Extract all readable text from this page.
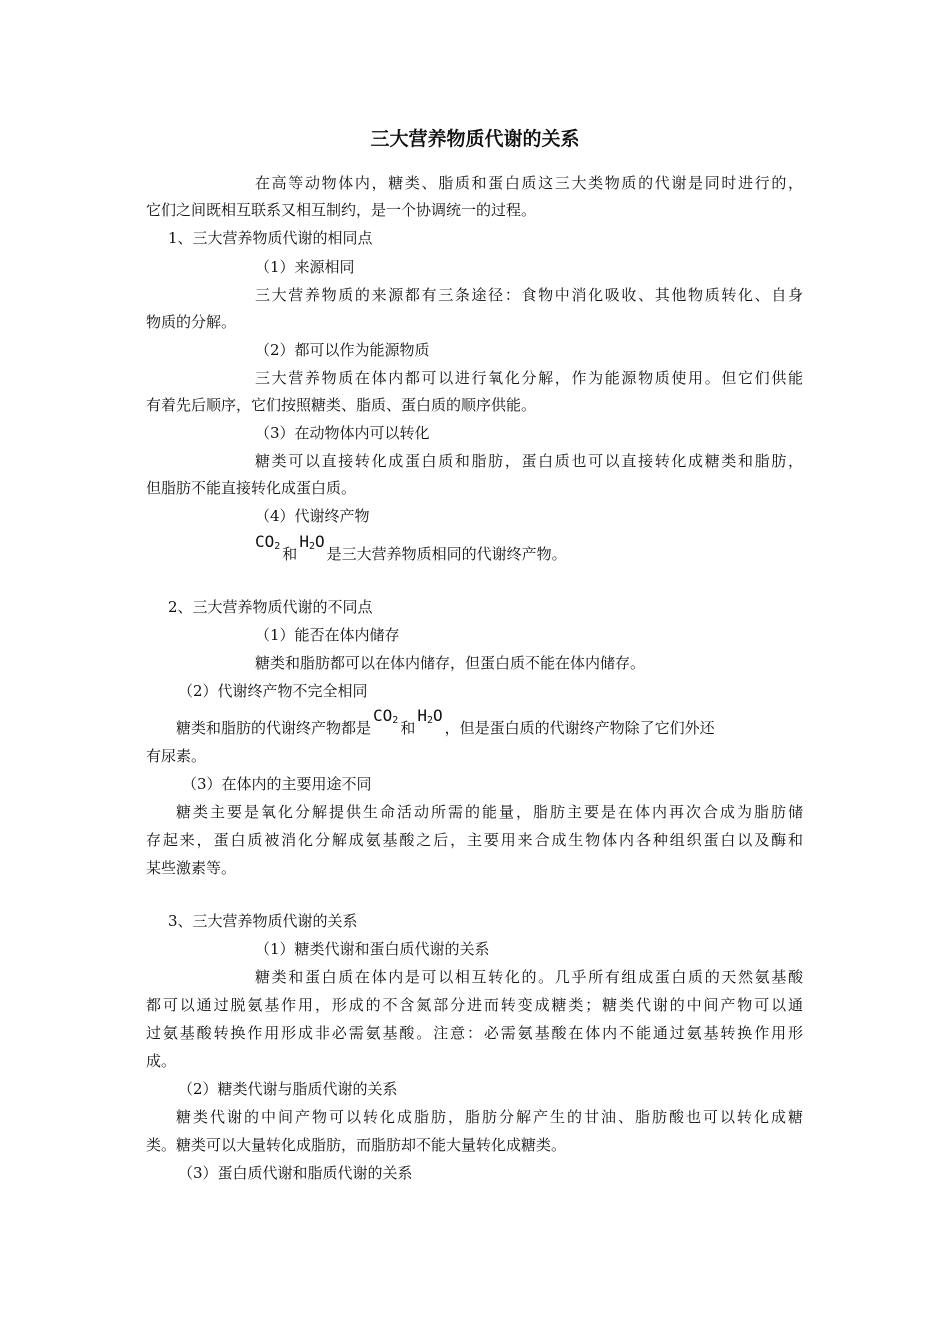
三大营养物质代谢的关系
在高等动物体内，糖类、脂质和蛋白质这三大类物质的代谢是同时进行的，
它们之间既相互联系又相互制约，是一个协调统一的过程。
1、三大营养物质代谢的相同点
（1）来源相同
三大营养物质的来源都有三条途径：食物中消化吸收、其他物质转化、自身
物质的分解。
（2）都可以作为能源物质
三大营养物质在体内都可以进行氧化分解，作为能源物质使用。但它们供能
有着先后顺序，它们按照糖类、脂质、蛋白质的顺序供能。
（3）在动物体内可以转化
糖类可以直接转化成蛋白质和脂肪，蛋白质也可以直接转化成糖类和脂肪，
但脂肪不能直接转化成蛋白质。
（4）代谢终产物
$CO_2$ 和
$H_2O$
是三大营养物质相同的代谢终产物。
2、三大营养物质代谢的不同点
（1）能否在体内储存
糖类和脂肪都可以在体内储存，但蛋白质不能在体内储存。
（2）代谢终产物不完全相同
糖类和脂肪的代谢终产物都是
$CO_2$ 和
$H_2O$
，但是蛋白质的代谢终产物除了它们外还
有尿素。
（3）在体内的主要用途不同
糖类主要是氧化分解提供生命活动所需的能量，脂肪主要是在体内再次合成为脂肪储
存起来，蛋白质被消化分解成氨基酸之后，主要用来合成生物体内各种组织蛋白以及酶和
某些激素等。
3、三大营养物质代谢的关系
（1）糖类代谢和蛋白质代谢的关系
糖类和蛋白质在体内是可以相互转化的。几乎所有组成蛋白质的天然氨基酸
都可以通过脱氨基作用，形成的不含氮部分进而转变成糖类；糖类代谢的中间产物可以通
过氨基酸转换作用形成非必需氨基酸。注意：必需氨基酸在体内不能通过氨基转换作用形
成。
（2）糖类代谢与脂质代谢的关系
糖类代谢的中间产物可以转化成脂肪，脂肪分解产生的甘油、脂肪酸也可以转化成糖
类。糖类可以大量转化成脂肪，而脂肪却不能大量转化成糖类。
（3）蛋白质代谢和脂质代谢的关系
